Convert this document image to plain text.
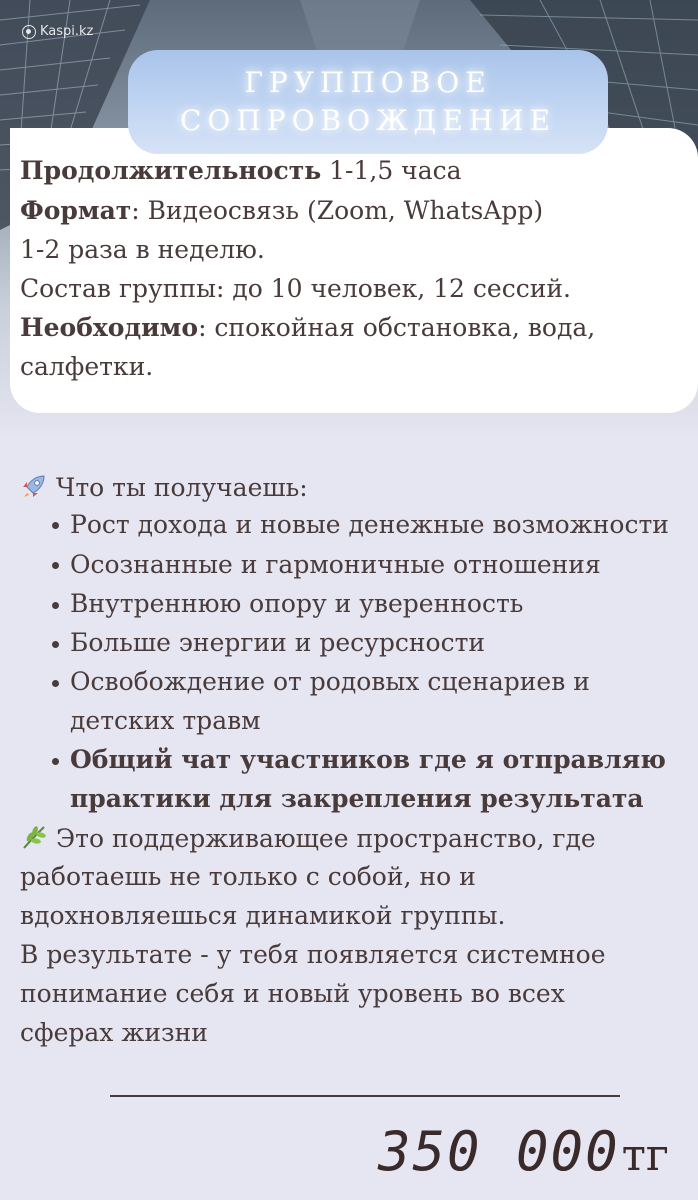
Kaspi.kz
ГРУППОВОЕ
СОПРОВОЖДЕНИЕ
Продолжительность 1-1,5 часа
Формат: Видеосвязь (Zoom, WhatsApp)
1-2 раза в неделю.
Состав группы: до 10 человек, 12 сессий.
Необходимо: спокойная обстановка, вода,
салфетки.
Что ты получаешь:
Рост дохода и новые денежные возможности
Осознанные и гармоничные отношения
Внутреннюю опору и уверенность
Больше энергии и ресурсности
Освобождение от родовых сценариев и
детских травм
Общий чат участников где я отправляю
практики для закрепления результата
Это поддерживающее пространство, где
работаешь не только с собой, но и
вдохновляешься динамикой группы.
В результате - у тебя появляется системное
понимание себя и новый уровень во всех
сферах жизни
350 000 тг
